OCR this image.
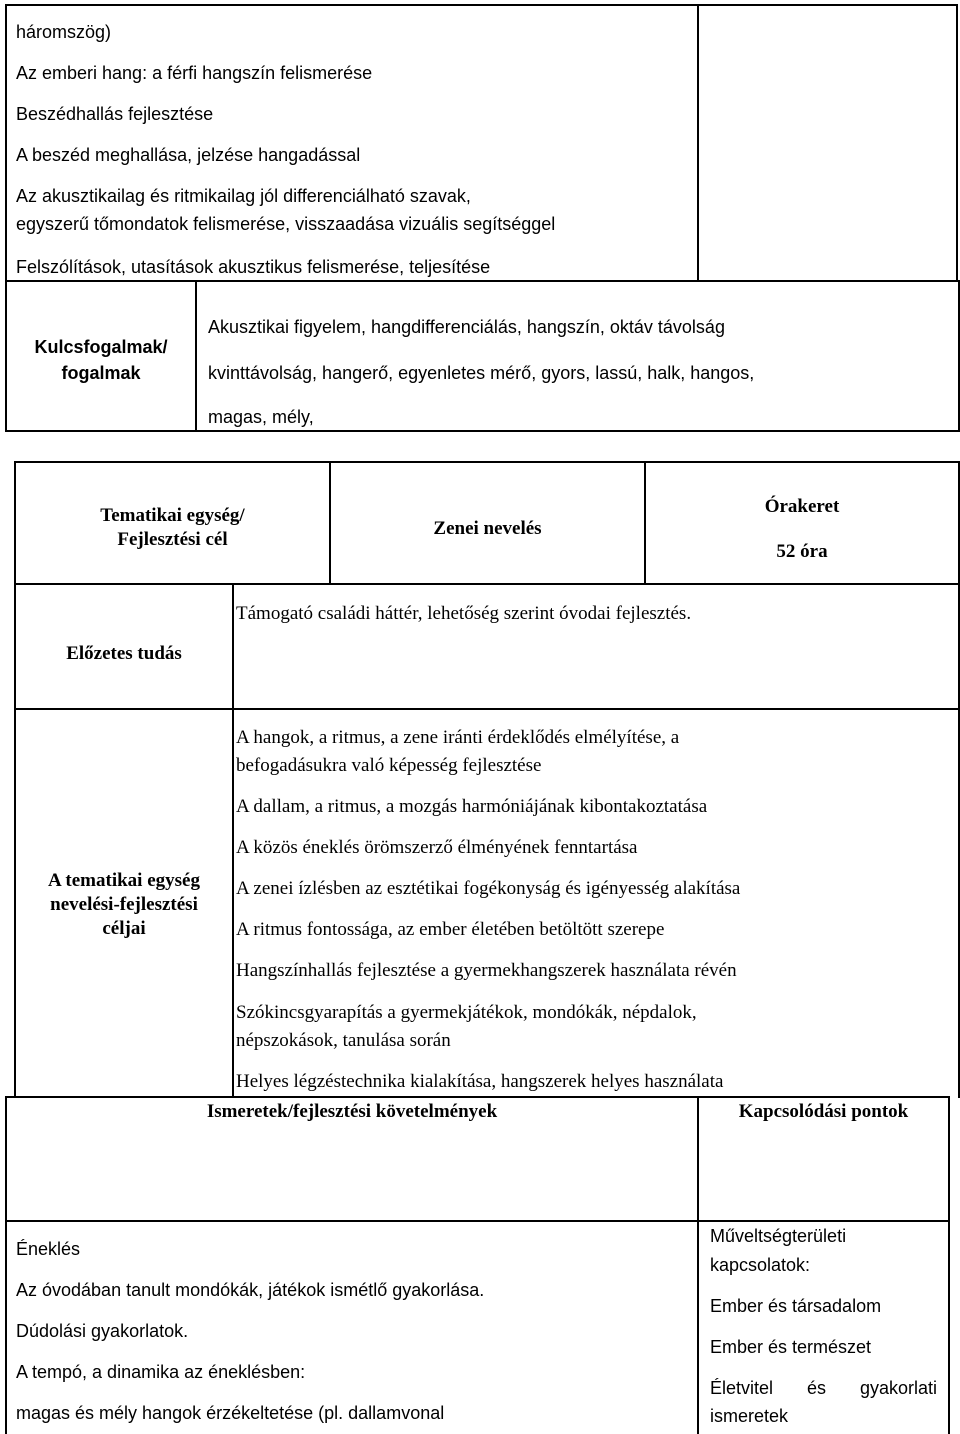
háromszög)
Az emberi hang: a férfi hangszín felismerése
Beszédhallás fejlesztése
A beszéd meghallása, jelzése hangadással
Az akusztikailag és ritmikailag jól differenciálható szavak,
egyszerű tőmondatok felismerése, visszaadása vizuális segítséggel
Felszólítások, utasítások akusztikus felismerése, teljesítése
Kulcsfogalmak/
fogalmak
Akusztikai figyelem, hangdifferenciálás, hangszín, oktáv távolság
kvinttávolság, hangerő, egyenletes mérő, gyors, lassú, halk, hangos,
magas, mély,
Tematikai egység/
Fejlesztési cél
Zenei nevelés
Órakeret
52 óra
Előzetes tudás
Támogató családi háttér, lehetőség szerint óvodai fejlesztés.
A tematikai egység
nevelési-fejlesztési
céljai
A hangok, a ritmus, a zene iránti érdeklődés elmélyítése, a
befogadásukra való képesség fejlesztése
A dallam, a ritmus, a mozgás harmóniájának kibontakoztatása
A közös éneklés örömszerző élményének fenntartása
A zenei ízlésben az esztétikai fogékonyság és igényesség alakítása
A ritmus fontossága, az ember életében betöltött szerepe
Hangszínhallás fejlesztése a gyermekhangszerek használata révén
Szókincsgyarapítás a gyermekjátékok, mondókák, népdalok,
népszokások, tanulása során
Helyes légzéstechnika kialakítása, hangszerek helyes használata
Ismeretek/fejlesztési követelmények	Kapcsolódási pontok
Éneklés
Az óvodában tanult mondókák, játékok ismétlő gyakorlása.
Dúdolási gyakorlatok.
A tempó, a dinamika az éneklésben:
magas és mély hangok érzékeltetése (pl. dallamvonal
Műveltségterületi
kapcsolatok:
Ember és társadalom
Ember és természet
Életvitel és gyakorlati
ismeretek
